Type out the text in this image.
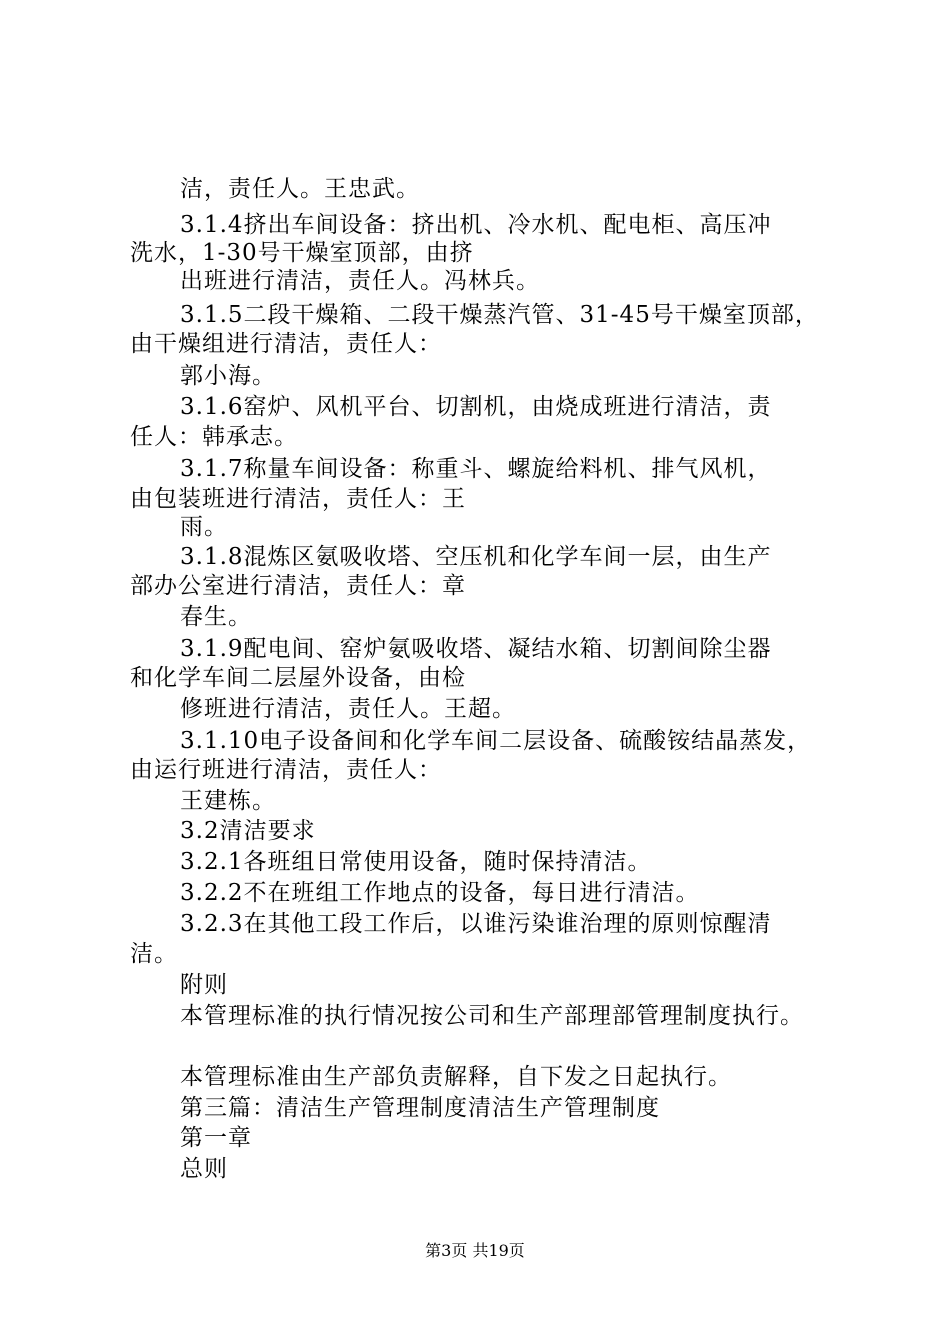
洁，责任人。王忠武。
3.1.4挤出车间设备：挤出机、冷水机、配电柜、高压冲
洗水，1-30号干燥室顶部，由挤
出班进行清洁，责任人。冯林兵。
3.1.5二段干燥箱、二段干燥蒸汽管、31-45号干燥室顶部，
由干燥组进行清洁，责任人：
郭小海。
3.1.6窑炉、风机平台、切割机，由烧成班进行清洁，责
任人：韩承志。
3.1.7称量车间设备：称重斗、螺旋给料机、排气风机，
由包装班进行清洁，责任人：王
雨。
3.1.8混炼区氨吸收塔、空压机和化学车间一层，由生产
部办公室进行清洁，责任人：章
春生。
3.1.9配电间、窑炉氨吸收塔、凝结水箱、切割间除尘器
和化学车间二层屋外设备，由检
修班进行清洁，责任人。王超。
3.1.10电子设备间和化学车间二层设备、硫酸铵结晶蒸发，
由运行班进行清洁，责任人：
王建栋。
3.2清洁要求
3.2.1各班组日常使用设备，随时保持清洁。
3.2.2不在班组工作地点的设备，每日进行清洁。
3.2.3在其他工段工作后，以谁污染谁治理的原则惊醒清
洁。
附则
本管理标准的执行情况按公司和生产部理部管理制度执行。
本管理标准由生产部负责解释，自下发之日起执行。
第三篇：清洁生产管理制度清洁生产管理制度
第一章
总则
第3页 共19页
